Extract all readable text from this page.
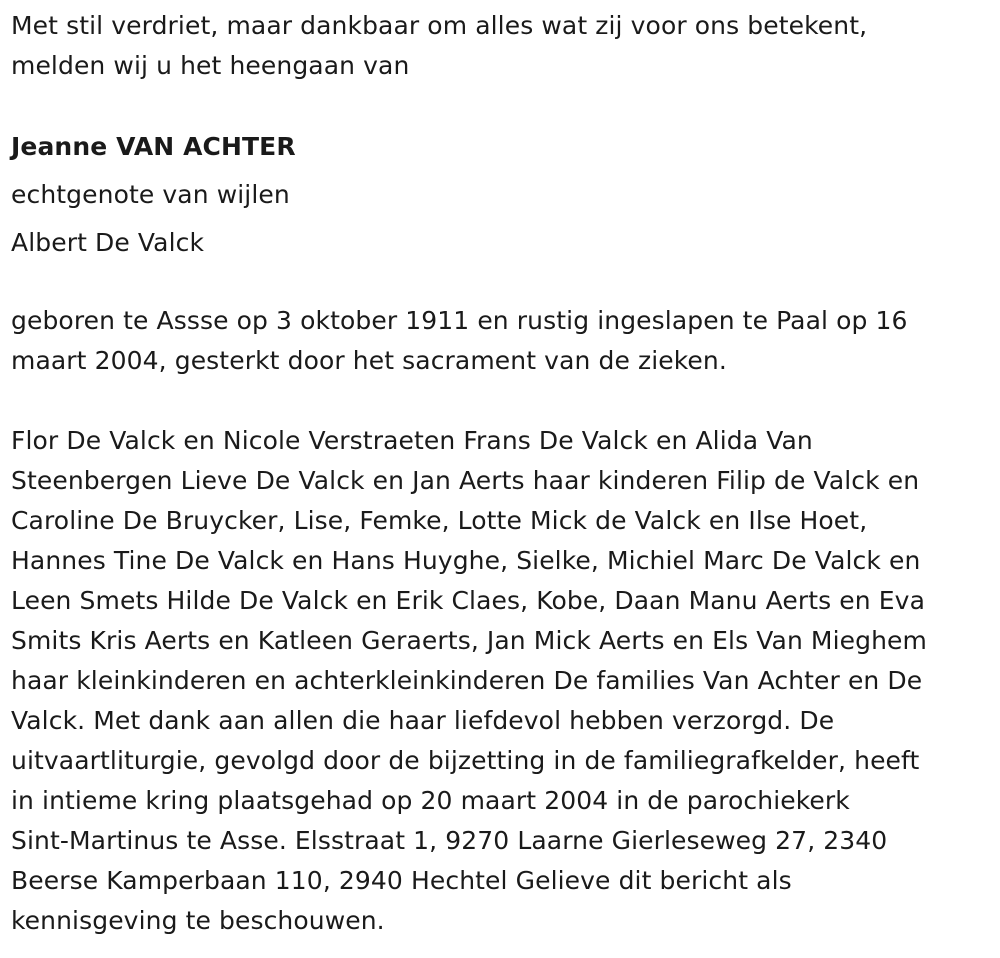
Met stil verdriet, maar dankbaar om alles wat zij voor ons betekent,
melden wij u het heengaan van
Jeanne VAN ACHTER
echtgenote van wijlen
Albert De Valck
geboren te Assse op 3 oktober 1911 en rustig ingeslapen te Paal op 16
maart 2004, gesterkt door het sacrament van de zieken.
Flor De Valck en Nicole Verstraeten Frans De Valck en Alida Van
Steenbergen Lieve De Valck en Jan Aerts haar kinderen Filip de Valck en
Caroline De Bruycker, Lise, Femke, Lotte Mick de Valck en Ilse Hoet,
Hannes Tine De Valck en Hans Huyghe, Sielke, Michiel Marc De Valck en
Leen Smets Hilde De Valck en Erik Claes, Kobe, Daan Manu Aerts en Eva
Smits Kris Aerts en Katleen Geraerts, Jan Mick Aerts en Els Van Mieghem
haar kleinkinderen en achterkleinkinderen De families Van Achter en De
Valck. Met dank aan allen die haar liefdevol hebben verzorgd. De
uitvaartliturgie, gevolgd door de bijzetting in de familiegrafkelder, heeft
in intieme kring plaatsgehad op 20 maart 2004 in de parochiekerk
Sint-Martinus te Asse. Elsstraat 1, 9270 Laarne Gierleseweg 27, 2340
Beerse Kamperbaan 110, 2940 Hechtel Gelieve dit bericht als
kennisgeving te beschouwen.
